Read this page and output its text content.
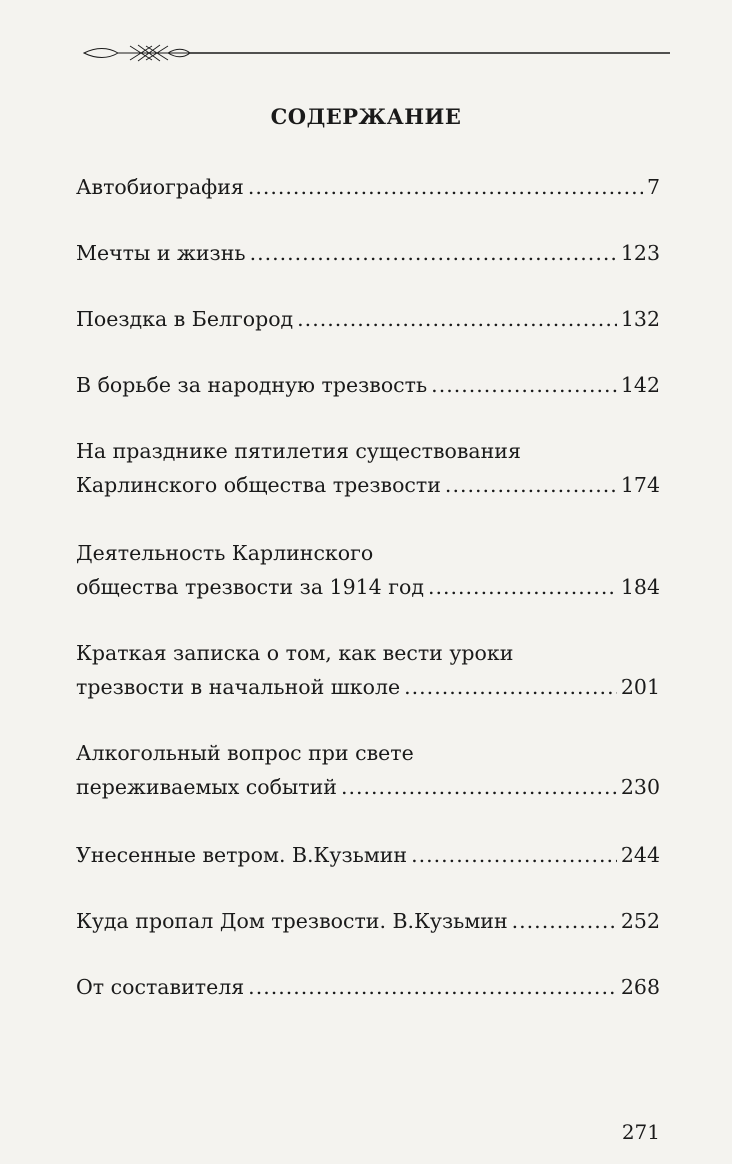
СОДЕРЖАНИЕ
Автобиография .....	7
Мечты и жизнь .....	123
Поездка в Белгород .....	132
В борьбе за народную трезвость .....	142
На празднике пятилетия существования
Карлинского общества трезвости .....	174
Деятельность Карлинского
общества трезвости за 1914 год .....	184
Краткая записка о том, как вести уроки
трезвости в начальной школе .....	201
Алкогольный вопрос при свете
переживаемых событий .....	230
Унесенные ветром. В.Кузьмин .....	244
Куда пропал Дом трезвости. В.Кузьмин .....	252
От составителя .....	268
271
